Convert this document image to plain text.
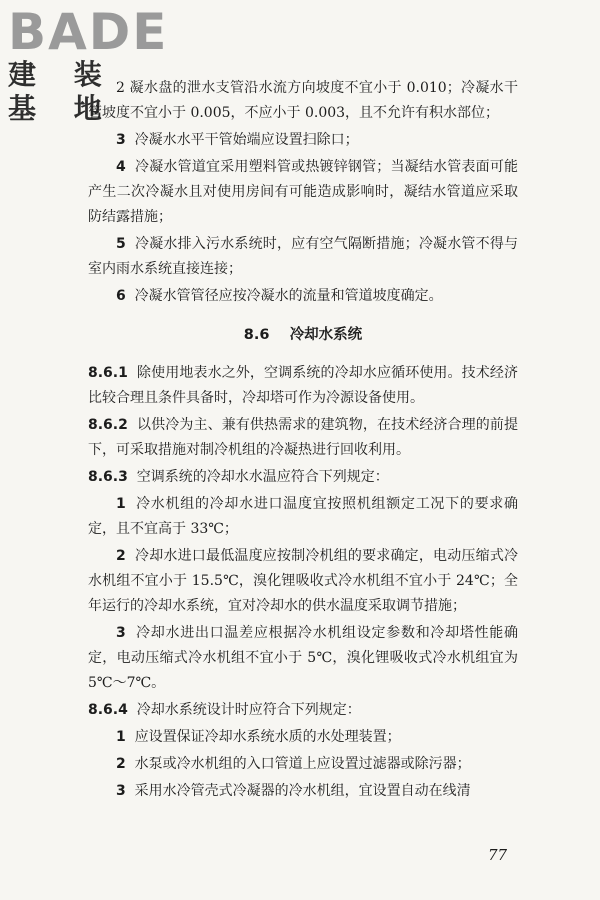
BADE
建 装 基 地

2 凝水盘的泄水支管沿水流方向坡度不宜小于 0.010；冷凝水干管坡度不宜小于 0.005，不应小于 0.003，且不允许有积水部位；

3 冷凝水水平干管始端应设置扫除口；

4 冷凝水管道宜采用塑料管或热镀锌钢管；当凝结水管表面可能产生二次冷凝水且对使用房间有可能造成影响时，凝结水管道应采取防结露措施；

5 冷凝水排入污水系统时，应有空气隔断措施；冷凝水管不得与室内雨水系统直接连接；

6 冷凝水管管径应按冷凝水的流量和管道坡度确定。

8.6 冷却水系统

8.6.1 除使用地表水之外，空调系统的冷却水应循环使用。技术经济比较合理且条件具备时，冷却塔可作为冷源设备使用。

8.6.2 以供冷为主、兼有供热需求的建筑物，在技术经济合理的前提下，可采取措施对制冷机组的冷凝热进行回收利用。

8.6.3 空调系统的冷却水水温应符合下列规定：

1 冷水机组的冷却水进口温度宜按照机组额定工况下的要求确定，且不宜高于 33℃；

2 冷却水进口最低温度应按制冷机组的要求确定，电动压缩式冷水机组不宜小于 15.5℃，溴化锂吸收式冷水机组不宜小于 24℃；全年运行的冷却水系统，宜对冷却水的供水温度采取调节措施；

3 冷却水进出口温差应根据冷水机组设定参数和冷却塔性能确定，电动压缩式冷水机组不宜小于 5℃，溴化锂吸收式冷水机组宜为 5℃～7℃。

8.6.4 冷却水系统设计时应符合下列规定：

1 应设置保证冷却水系统水质的水处理装置；

2 水泵或冷水机组的入口管道上应设置过滤器或除污器；

3 采用水冷管壳式冷凝器的冷水机组，宜设置自动在线清

77
